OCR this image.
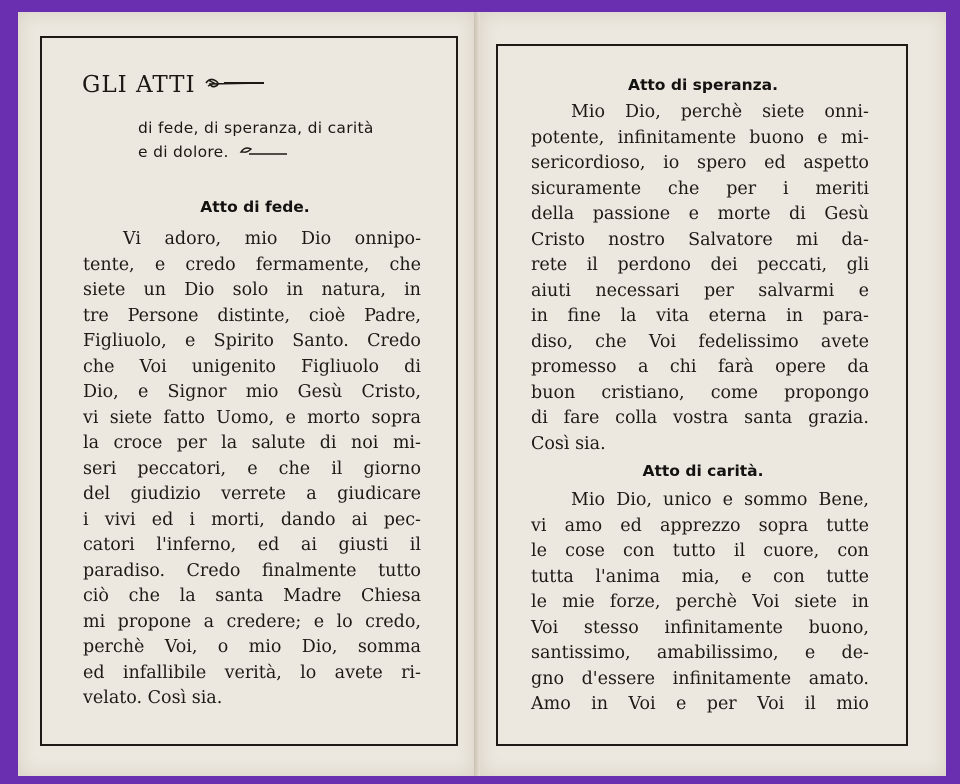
GLI ATTI
di fede, di speranza, di carità
e di dolore.
Atto di fede.
Vi adoro, mio Dio onnipo-
tente, e credo fermamente, che
siete un Dio solo in natura, in
tre Persone distinte, cioè Padre,
Figliuolo, e Spirito Santo. Credo
che Voi unigenito Figliuolo di
Dio, e Signor mio Gesù Cristo,
vi siete fatto Uomo, e morto sopra
la croce per la salute di noi mi-
seri peccatori, e che il giorno
del giudizio verrete a giudicare
i vivi ed i morti, dando ai pec-
catori l'inferno, ed ai giusti il
paradiso. Credo finalmente tutto
ciò che la santa Madre Chiesa
mi propone a credere; e lo credo,
perchè Voi, o mio Dio, somma
ed infallibile verità, lo avete ri-
velato. Così sia.
Atto di speranza.
Mio Dio, perchè siete onni-
potente, infinitamente buono e mi-
sericordioso, io spero ed aspetto
sicuramente che per i meriti
della passione e morte di Gesù
Cristo nostro Salvatore mi da-
rete il perdono dei peccati, gli
aiuti necessari per salvarmi e
in fine la vita eterna in para-
diso, che Voi fedelissimo avete
promesso a chi farà opere da
buon cristiano, come propongo
di fare colla vostra santa grazia.
Così sia.
Atto di carità.
Mio Dio, unico e sommo Bene,
vi amo ed apprezzo sopra tutte
le cose con tutto il cuore, con
tutta l'anima mia, e con tutte
le mie forze, perchè Voi siete in
Voi stesso infinitamente buono,
santissimo, amabilissimo, e de-
gno d'essere infinitamente amato.
Amo in Voi e per Voi il mio
